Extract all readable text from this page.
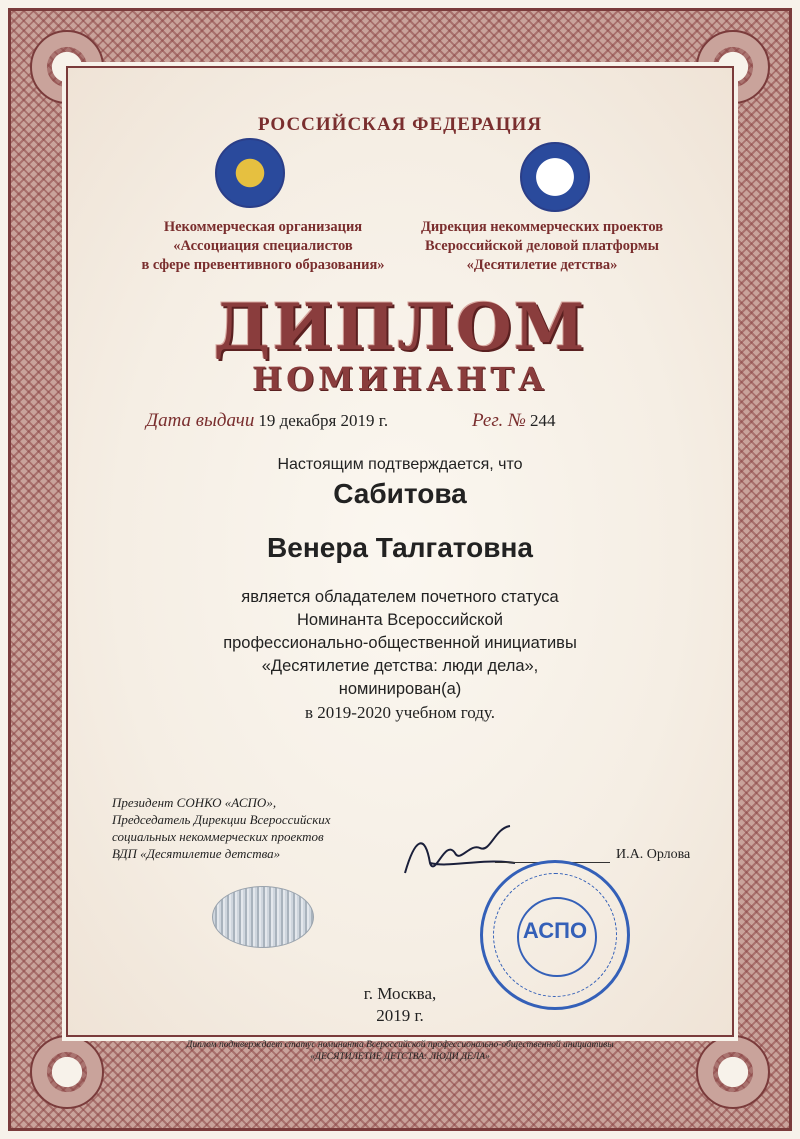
РОССИЙСКАЯ ФЕДЕРАЦИЯ
Некоммерческая организация
«Ассоциация специалистов
в сфере превентивного образования»
Дирекция некоммерческих проектов
Всероссийской деловой платформы
«Десятилетие детства»
ДИПЛОМ
НОМИНАНТА
Дата выдачи 19 декабря 2019 г.	Рег. № 244
Настоящим подтверждается, что
Сабитова
Венера Талгатовна
является обладателем почетного статуса
Номинанта Всероссийской
профессионально-общественной инициативы
«Десятилетие детства: люди дела»,
номинирован(а)
в 2019-2020 учебном году.
Президент СОНКО «АСПО»,
Председатель Дирекции Всероссийских
социальных некоммерческих проектов
ВДП «Десятилетие детства»	И.А. Орлова
АСПО
г. Москва,
2019 г.
Диплом подтверждает статус номинанта Всероссийской профессионально-общественной инициативы
«ДЕСЯТИЛЕТИЕ ДЕТСТВА: ЛЮДИ ДЕЛА»
